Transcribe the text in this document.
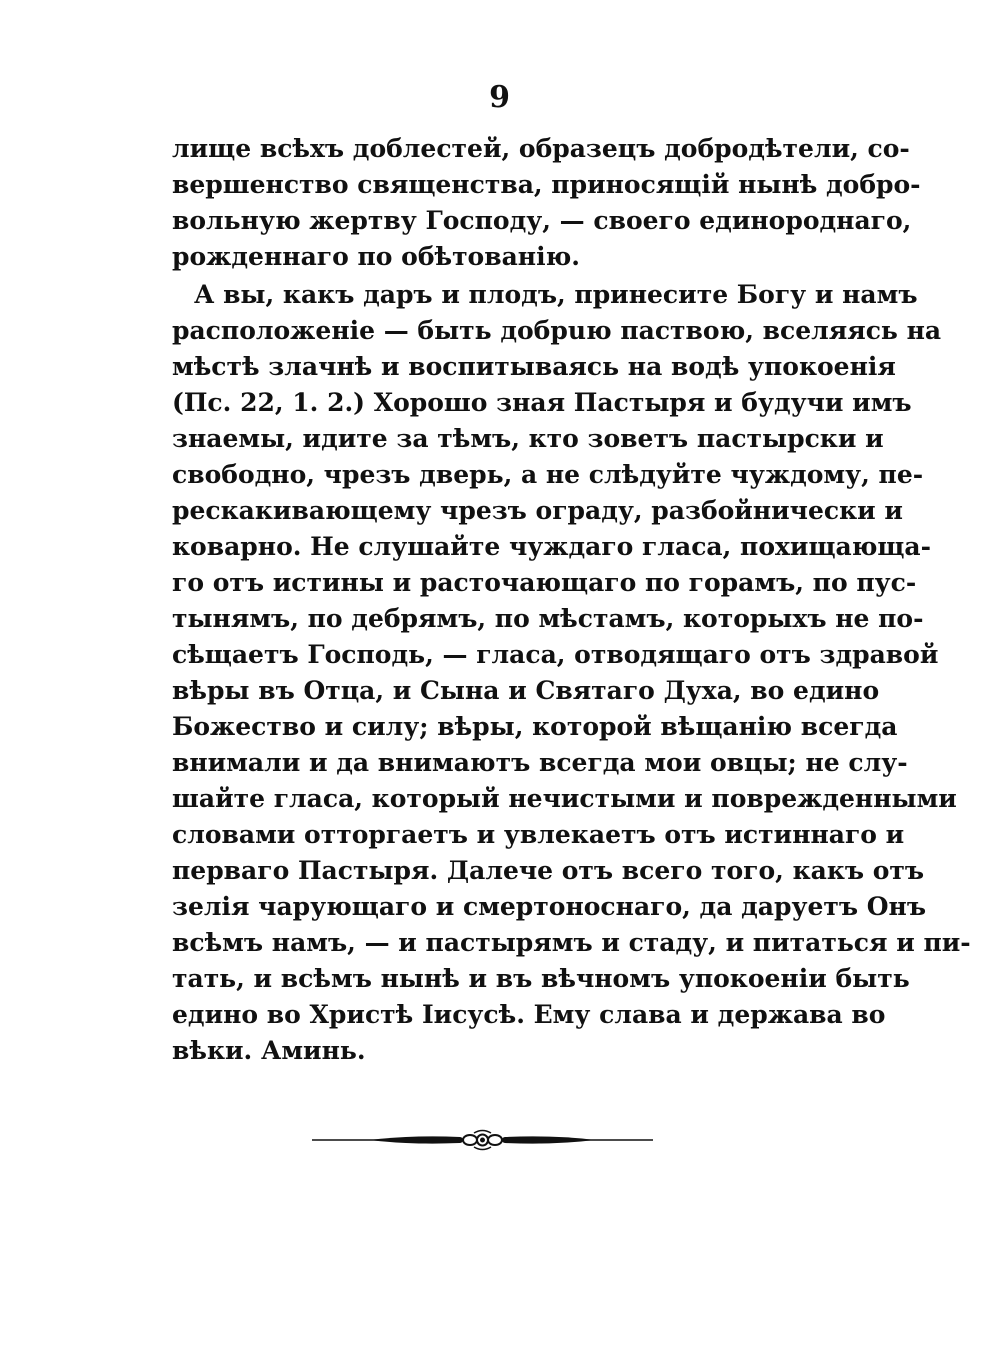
9
лище всѣхъ доблестей, образецъ добродѣтели, со-
вершенство священства, приносящій нынѣ добро-
вольную жертву Господу, — своего единороднаго,
рожденнаго по обѣтованію.
А вы, какъ даръ и плодъ, принесите Богу и намъ
расположеніе — быть добрuю паствою, вселяясь на
мѣстѣ злачнѣ и воспитываясь на водѣ упокоенія
(Пс. 22, 1. 2.) Хорошо зная Пастыря и будучи имъ
знаемы, идите за тѣмъ, кто зоветъ пастырски и
свободно, чрезъ дверь, а не слѣдуйте чуждому, пе-
рескакивающему чрезъ ограду, разбойнически и
коварно. Не слушайте чуждаго гласа, похищающа-
го отъ истины и расточающаго по горамъ, по пус-
тынямъ, по дебрямъ, по мѣстамъ, которыхъ не по-
сѣщаетъ Господь, — гласа, отводящаго отъ здравой
вѣры въ Отца, и Сына и Святаго Духа, во едино
Божество и силу; вѣры, которой вѣщанію всегда
внимали и да внимаютъ всегда мои овцы; не слу-
шайте гласа, который нечистыми и поврежденными
словами отторгаетъ и увлекаетъ отъ истиннаго и
перваго Пастыря. Далече отъ всего того, какъ отъ
зелія чарующаго и смертоноснаго, да даруетъ Онъ
всѣмъ намъ, — и пастырямъ и стаду, и питаться и пи-
тать, и всѣмъ нынѣ и въ вѣчномъ упокоеніи быть
едино во Христѣ Іисусѣ. Ему слава и держава во
вѣки. Аминь.
